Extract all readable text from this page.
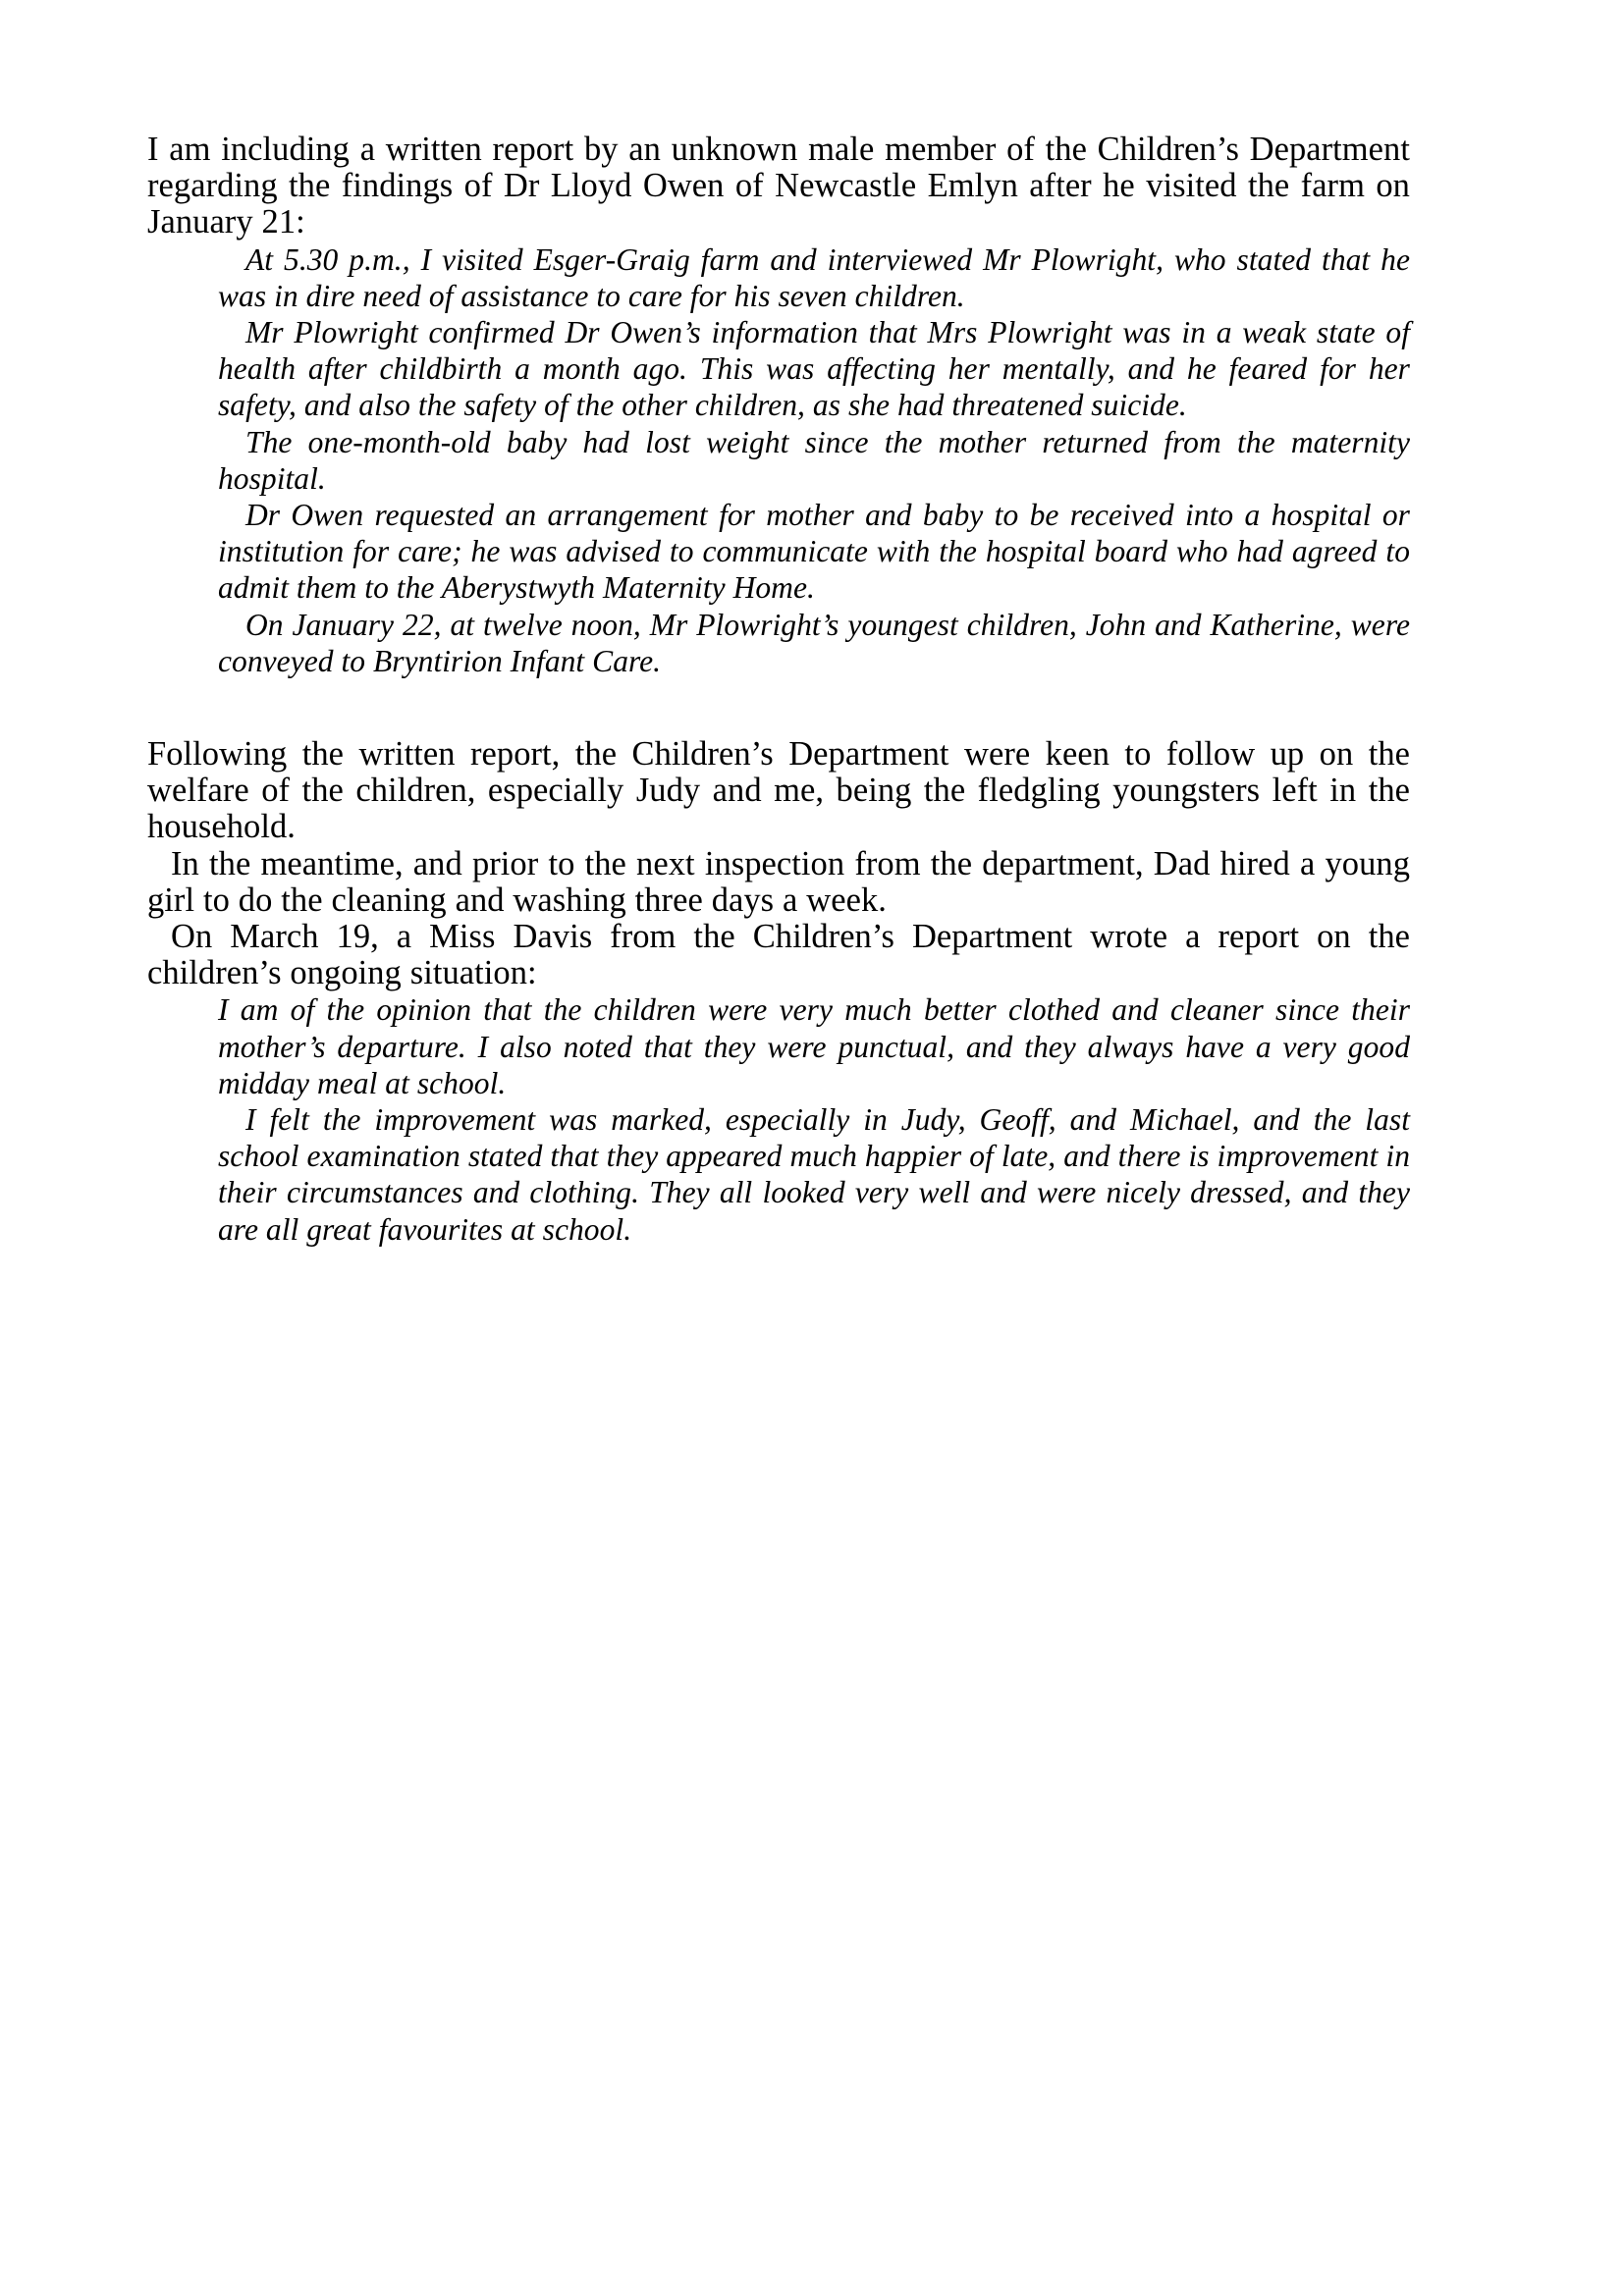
I am including a written report by an unknown male member of the Children’s Department regarding the findings of Dr Lloyd Owen of Newcastle Emlyn after he visited the farm on January 21:

At 5.30 p.m., I visited Esger-Graig farm and interviewed Mr Plowright, who stated that he was in dire need of assistance to care for his seven children.

Mr Plowright confirmed Dr Owen’s information that Mrs Plowright was in a weak state of health after childbirth a month ago. This was affecting her mentally, and he feared for her safety, and also the safety of the other children, as she had threatened suicide.

The one-month-old baby had lost weight since the mother returned from the maternity hospital.

Dr Owen requested an arrangement for mother and baby to be received into a hospital or institution for care; he was advised to communicate with the hospital board who had agreed to admit them to the Aberystwyth Maternity Home.

On January 22, at twelve noon, Mr Plowright’s youngest children, John and Katherine, were conveyed to Bryntirion Infant Care.

Following the written report, the Children’s Department were keen to follow up on the welfare of the children, especially Judy and me, being the fledgling youngsters left in the household.

In the meantime, and prior to the next inspection from the department, Dad hired a young girl to do the cleaning and washing three days a week.

On March 19, a Miss Davis from the Children’s Department wrote a report on the children’s ongoing situation:

I am of the opinion that the children were very much better clothed and cleaner since their mother’s departure. I also noted that they were punctual, and they always have a very good midday meal at school.

I felt the improvement was marked, especially in Judy, Geoff, and Michael, and the last school examination stated that they appeared much happier of late, and there is improvement in their circumstances and clothing. They all looked very well and were nicely dressed, and they are all great favourites at school.
